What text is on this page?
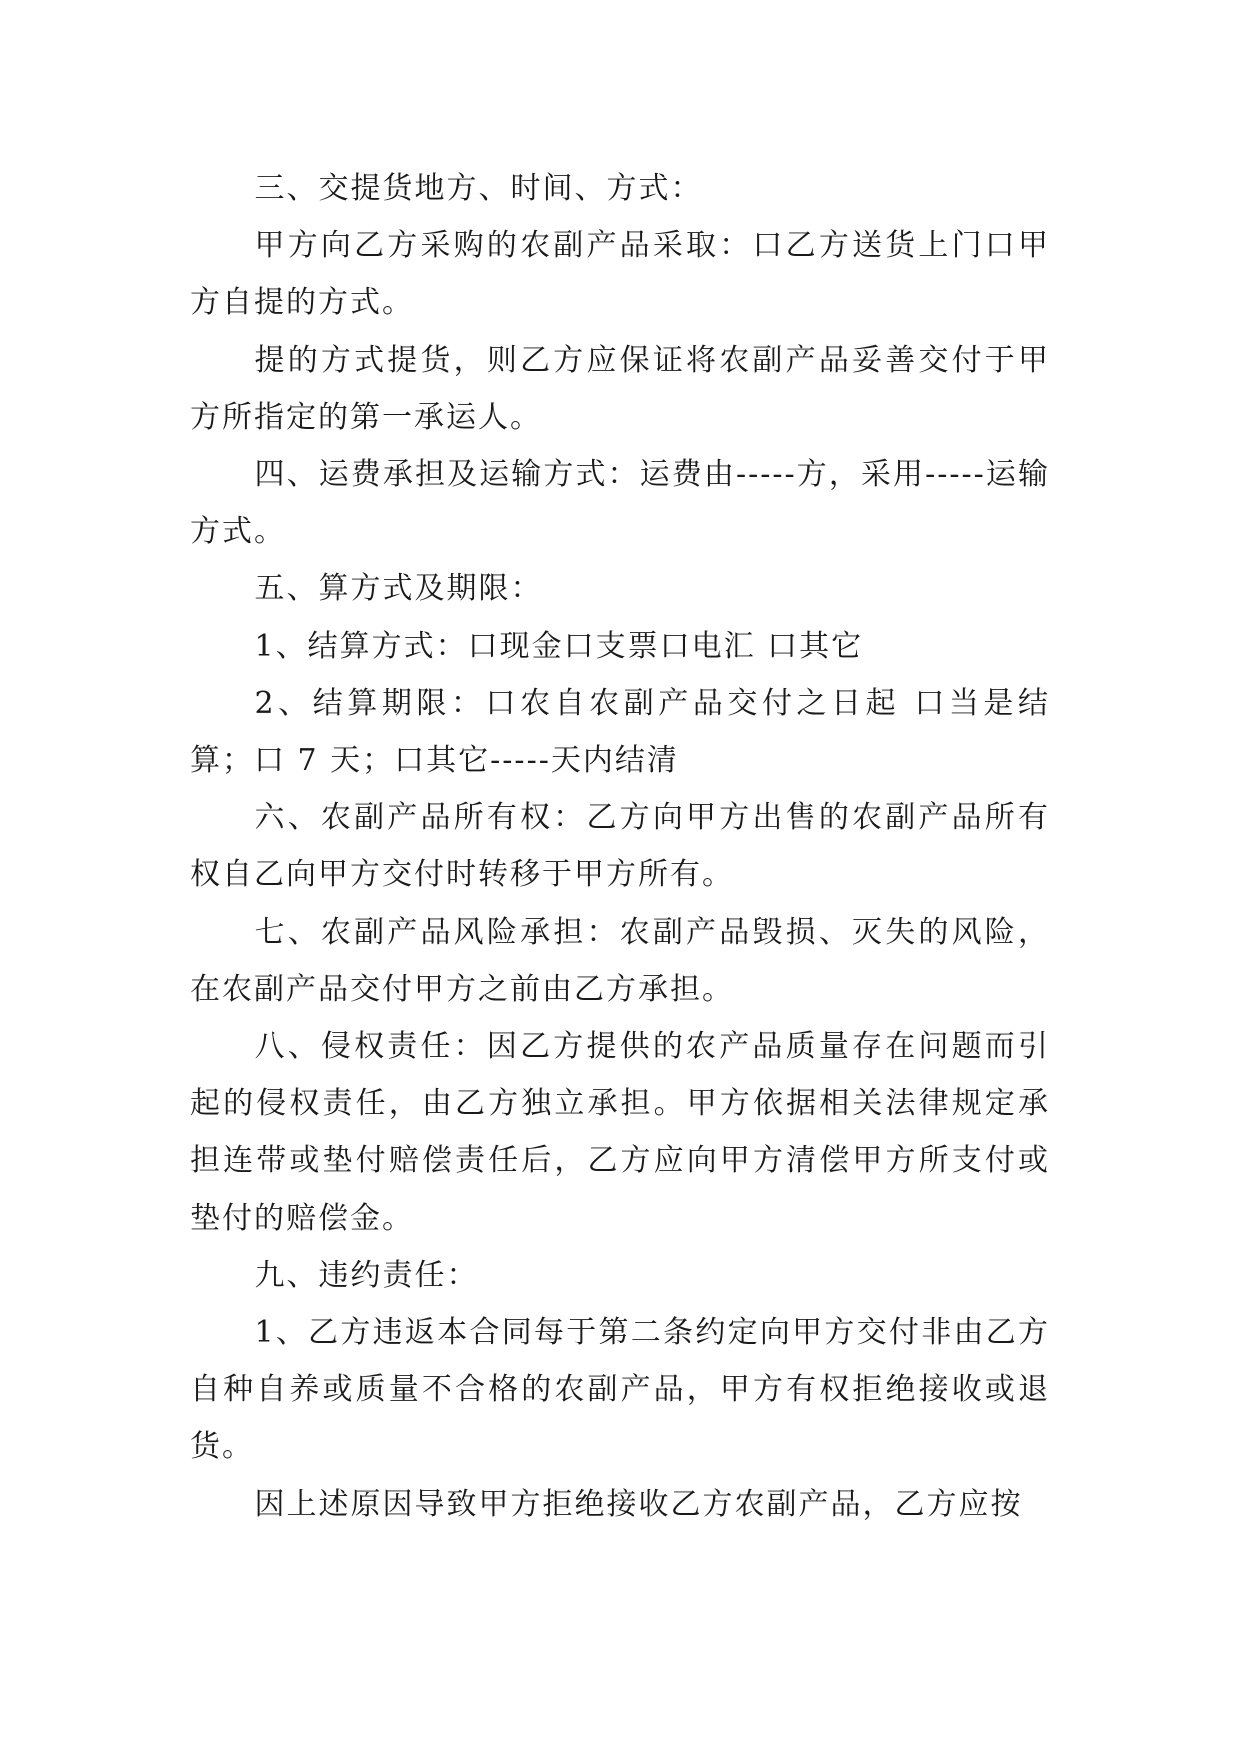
三、交提货地方、时间、方式：

甲方向乙方采购的农副产品采取：口乙方送货上门口甲方自提的方式。

提的方式提货，则乙方应保证将农副产品妥善交付于甲方所指定的第一承运人。

四、运费承担及运输方式：运费由-----方，采用-----运输方式。

五、算方式及期限：

1、结算方式：口现金口支票口电汇 口其它

2、结算期限：口农自农副产品交付之日起 口当是结算；口 7 天；口其它-----天内结清

六、农副产品所有权：乙方向甲方出售的农副产品所有权自乙向甲方交付时转移于甲方所有。

七、农副产品风险承担：农副产品毁损、灭失的风险，在农副产品交付甲方之前由乙方承担。

八、侵权责任：因乙方提供的农产品质量存在问题而引起的侵权责任，由乙方独立承担。甲方依据相关法律规定承担连带或垫付赔偿责任后，乙方应向甲方清偿甲方所支付或垫付的赔偿金。

九、违约责任：

1、乙方违返本合同每于第二条约定向甲方交付非由乙方自种自养或质量不合格的农副产品，甲方有权拒绝接收或退货。

因上述原因导致甲方拒绝接收乙方农副产品，乙方应按
